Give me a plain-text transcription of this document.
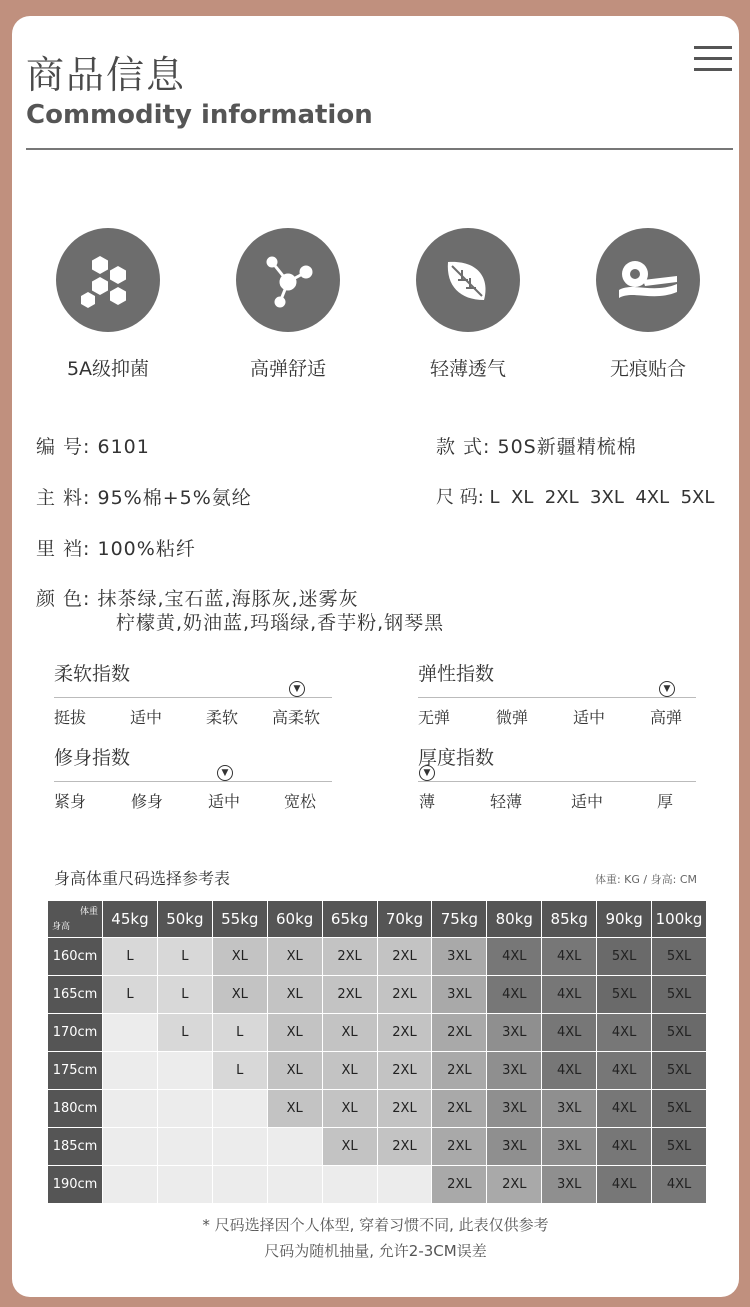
商品信息
Commodity information
5A级抑菌	高弹舒适	轻薄透气	无痕贴合
编 号: 6101	款 式: 50S新疆精梳棉
主 料: 95%棉+5%氨纶	尺 码: L  XL  2XL  3XL  4XL  5XL
里 裆: 100%粘纤
颜 色: 抹茶绿,宝石蓝,海豚灰,迷雾灰
柠檬黄,奶油蓝,玛瑙绿,香芋粉,钢琴黑
柔软指数
▼
挺拔	适中	柔软 高柔软
弹性指数
▼
无弹	微弹	适中	高弹
修身指数
▼
紧身	修身	适中	宽松
厚度指数
▼
薄	轻薄	适中	厚
身高体重尺码选择参考表	体重: KG / 身高: CM
体重
身高	45kg	50kg	55kg	60kg	65kg	70kg	75kg	80kg	85kg	90kg	100kg
160cm	L	L	XL	XL	2XL	2XL	3XL	4XL	4XL	5XL	5XL
165cm	L	L	XL	XL	2XL	2XL	3XL	4XL	4XL	5XL	5XL
170cm		L	L	XL	XL	2XL	2XL	3XL	4XL	4XL	5XL
175cm			L	XL	XL	2XL	2XL	3XL	4XL	4XL	5XL
180cm				XL	XL	2XL	2XL	3XL	3XL	4XL	5XL
185cm					XL	2XL	2XL	3XL	3XL	4XL	5XL
190cm							2XL	2XL	3XL	4XL	4XL
* 尺码选择因个人体型, 穿着习惯不同, 此表仅供参考
尺码为随机抽量, 允许2-3CM误差
